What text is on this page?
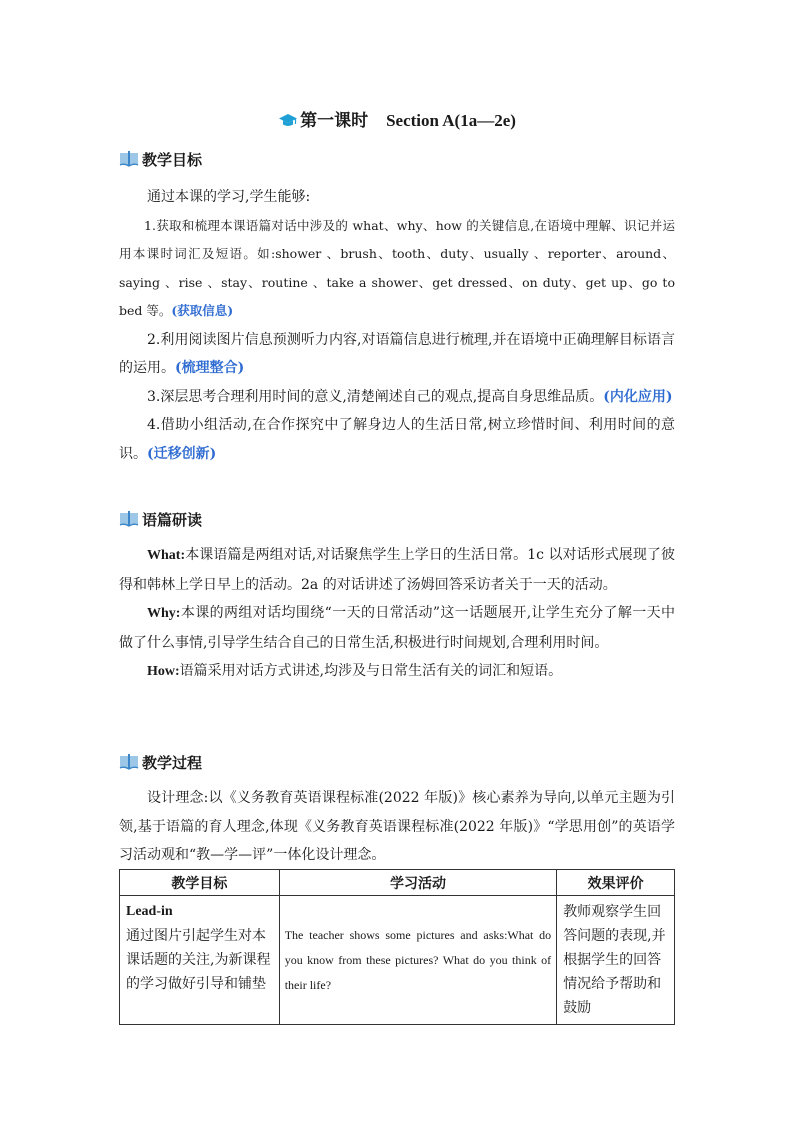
第一课时 Section A(1a—2e)
教学目标

通过本课的学习,学生能够:

1.获取和梳理本课语篇对话中涉及的 what、why、how 的关键信息,在语境中理解、识记并运用本课时词汇及短语。如:shower 、brush、tooth、duty、usually 、reporter、around、saying 、rise 、stay、routine 、take a shower、get dressed、on duty、get up、go to bed 等。(获取信息)

2.利用阅读图片信息预测听力内容,对语篇信息进行梳理,并在语境中正确理解目标语言的运用。(梳理整合)

3.深层思考合理利用时间的意义,清楚阐述自己的观点,提高自身思维品质。(内化应用)

4.借助小组活动,在合作探究中了解身边人的生活日常,树立珍惜时间、利用时间的意识。(迁移创新)

语篇研读

What:本课语篇是两组对话,对话聚焦学生上学日的生活日常。1c 以对话形式展现了彼得和韩林上学日早上的活动。2a 的对话讲述了汤姆回答采访者关于一天的活动。

Why:本课的两组对话均围绕“一天的日常活动”这一话题展开,让学生充分了解一天中做了什么事情,引导学生结合自己的日常生活,积极进行时间规划,合理利用时间。

How:语篇采用对话方式讲述,均涉及与日常生活有关的词汇和短语。

教学过程

设计理念:以《义务教育英语课程标准(2022 年版)》核心素养为导向,以单元主题为引领,基于语篇的育人理念,体现《义务教育英语课程标准(2022 年版)》“学思用创”的英语学习活动观和“教—学—评”一体化设计理念。

教学目标	学习活动	效果评价

Lead-in
通过图片引起学生对本课话题的关注,为新课程的学习做好引导和铺垫	The teacher shows some pictures and asks:What do you know from these pictures? What do you think of their life?	教师观察学生回答问题的表现,并根据学生的回答情况给予帮助和鼓励
